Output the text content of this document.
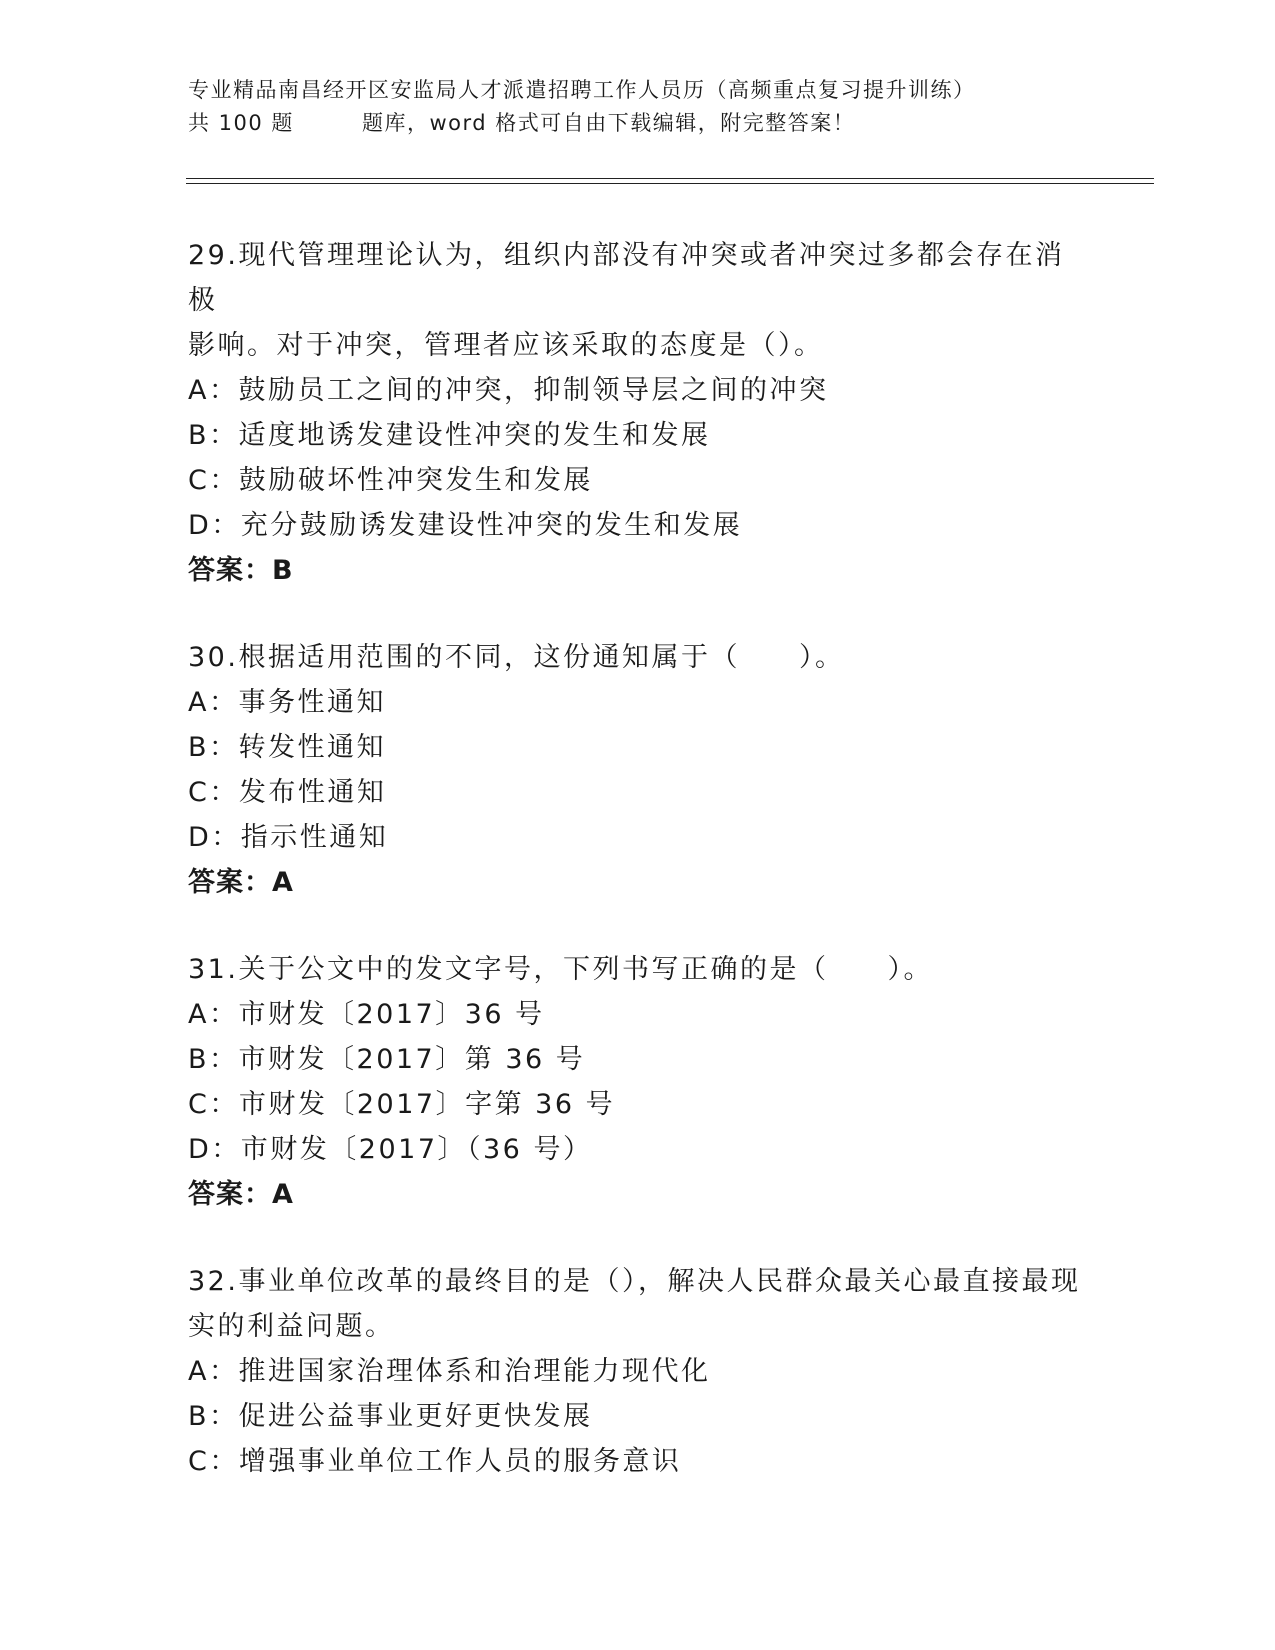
专业精品南昌经开区安监局人才派遣招聘工作人员历（高频重点复习提升训练）
共 100 题	题库，word 格式可自由下载编辑，附完整答案！
29.现代管理理论认为，组织内部没有冲突或者冲突过多都会存在消极
影响。对于冲突，管理者应该采取的态度是（）。
A：鼓励员工之间的冲突，抑制领导层之间的冲突
B：适度地诱发建设性冲突的发生和发展
C：鼓励破坏性冲突发生和发展
D：充分鼓励诱发建设性冲突的发生和发展
答案：B
30.根据适用范围的不同，这份通知属于（　　）。
A：事务性通知
B：转发性通知
C：发布性通知
D：指示性通知
答案：A
31.关于公文中的发文字号，下列书写正确的是（　　）。
A：市财发〔2017〕36 号
B：市财发〔2017〕第 36 号
C：市财发〔2017〕字第 36 号
D：市财发〔2017〕（36 号）
答案：A
32.事业单位改革的最终目的是（），解决人民群众最关心最直接最现
实的利益问题。
A：推进国家治理体系和治理能力现代化
B：促进公益事业更好更快发展
C：增强事业单位工作人员的服务意识
